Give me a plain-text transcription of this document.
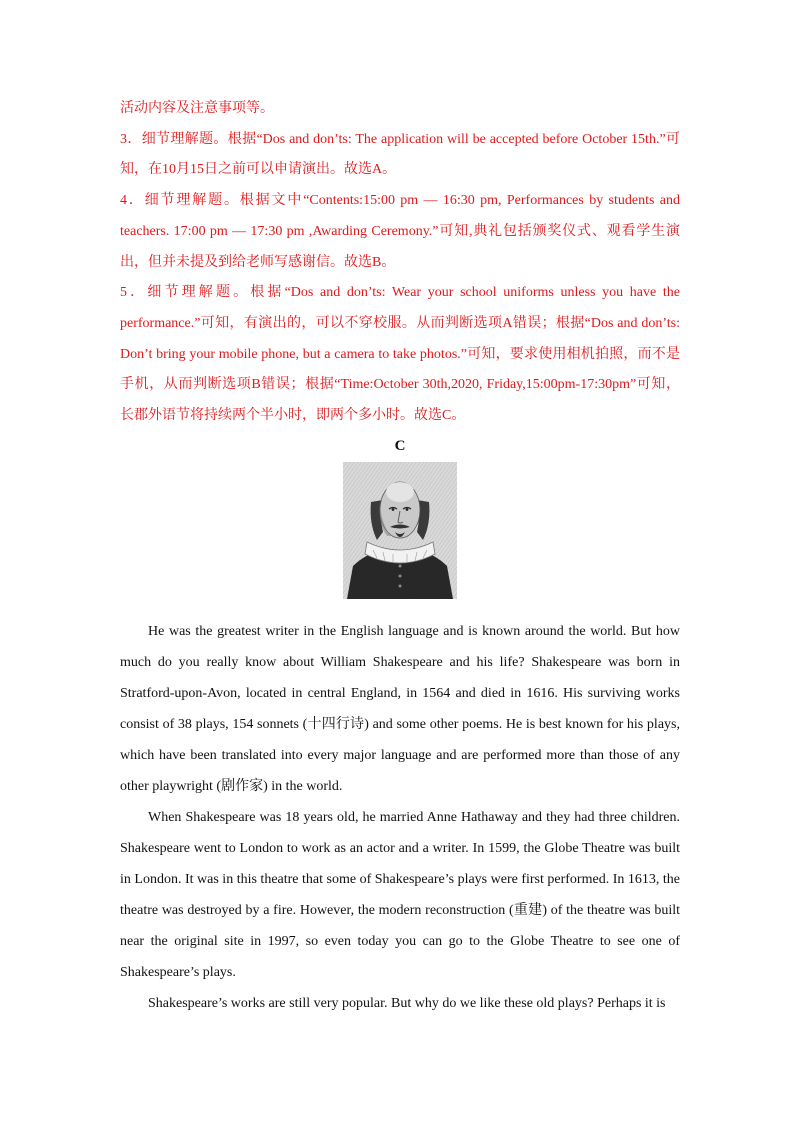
活动内容及注意事项等。

3．细节理解题。根据“Dos and don’ts: The application will be accepted before October 15th.”可知，在10月15日之前可以申请演出。故选A。

4．细节理解题。根据文中“Contents:15:00 pm — 16:30 pm, Performances by students and teachers. 17:00 pm — 17:30 pm ,Awarding Ceremony.”可知,典礼包括颁奖仪式、观看学生演出，但并未提及到给老师写感谢信。故选B。

5．细节理解题。根据“Dos and don’ts: Wear your school uniforms unless you have the performance.”可知，有演出的，可以不穿校服。从而判断选项A错误；根据“Dos and don’ts: Don’t bring your mobile phone, but a camera to take photos.”可知，要求使用相机拍照，而不是手机，从而判断选项B错误；根据“Time:October 30th,2020, Friday,15:00pm-17:30pm”可知，长郡外语节将持续两个半小时，即两个多小时。故选C。

C

He was the greatest writer in the English language and is known around the world. But how much do you really know about William Shakespeare and his life? Shakespeare was born in Stratford-upon-Avon, located in central England, in 1564 and died in 1616. His surviving works consist of 38 plays, 154 sonnets (十四行诗) and some other poems. He is best known for his plays, which have been translated into every major language and are performed more than those of any other playwright (剧作家) in the world.

When Shakespeare was 18 years old, he married Anne Hathaway and they had three children. Shakespeare went to London to work as an actor and a writer. In 1599, the Globe Theatre was built in London. It was in this theatre that some of Shakespeare’s plays were first performed. In 1613, the theatre was destroyed by a fire. However, the modern reconstruction (重建) of the theatre was built near the original site in 1997, so even today you can go to the Globe Theatre to see one of Shakespeare’s plays.

Shakespeare’s works are still very popular. But why do we like these old plays? Perhaps it is
